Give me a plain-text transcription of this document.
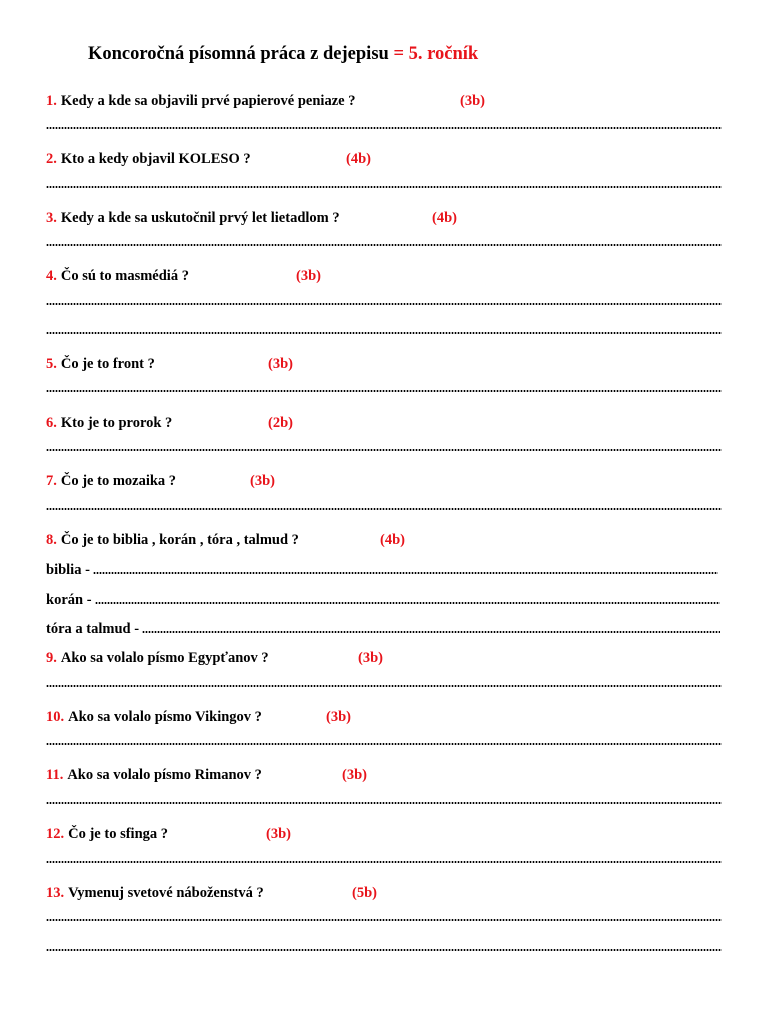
Koncoročná písomná práca z dejepisu = 5. ročník
1. Kedy a kde sa objavili prvé papierové peniaze ?	(3b)
2. Kto a kedy objavil KOLESO ?	(4b)
3. Kedy a kde sa uskutočnil prvý let lietadlom ?	(4b)
4. Čo sú to masmédiá ?	(3b)
5. Čo je to front ?	(3b)
6. Kto je to prorok ?	(2b)
7. Čo je to mozaika ?	(3b)
8. Čo je to biblia , korán , tóra , talmud ?	(4b)
biblia -
korán -
tóra a talmud -
9. Ako sa volalo písmo Egypťanov ?	(3b)
10. Ako sa volalo písmo Vikingov ?	(3b)
11. Ako sa volalo písmo Rimanov ?	(3b)
12. Čo je to sfinga ?	(3b)
13. Vymenuj svetové náboženstvá ?	(5b)
